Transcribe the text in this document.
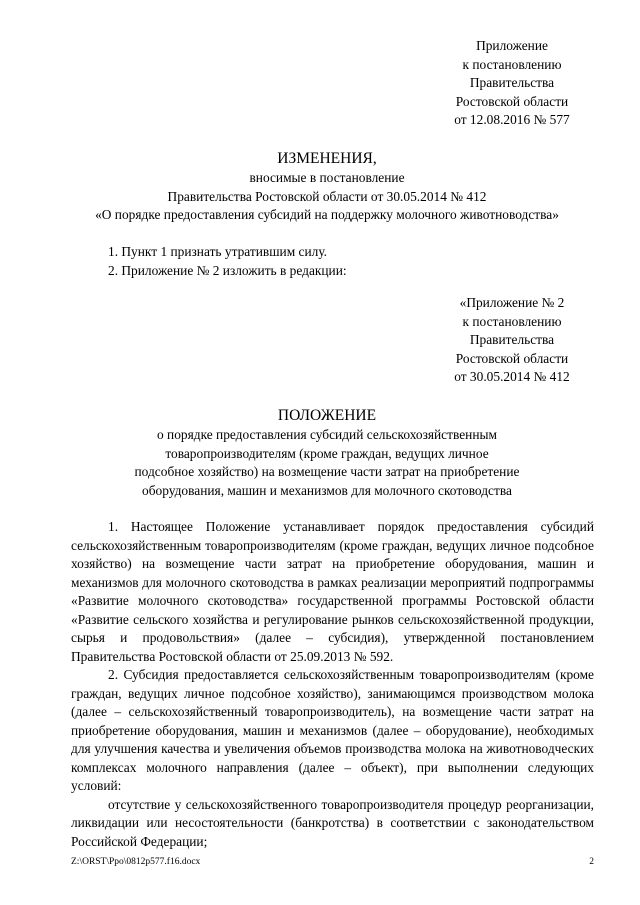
Приложение
к постановлению
Правительства
Ростовской области
от 12.08.2016 № 577
ИЗМЕНЕНИЯ,
вносимые в постановление
Правительства Ростовской области от 30.05.2014 № 412
«О порядке предоставления субсидий на поддержку молочного животноводства»
1. Пункт 1 признать утратившим силу.
2. Приложение № 2 изложить в редакции:
«Приложение № 2
к постановлению
Правительства
Ростовской области
от 30.05.2014 № 412
ПОЛОЖЕНИЕ
о порядке предоставления субсидий сельскохозяйственным
товаропроизводителям (кроме граждан, ведущих личное
подсобное хозяйство) на возмещение части затрат на приобретение
оборудования, машин и механизмов для молочного скотоводства

1. Настоящее Положение устанавливает порядок предоставления субсидий сельскохозяйственным товаропроизводителям (кроме граждан, ведущих личное подсобное хозяйство) на возмещение части затрат на приобретение оборудования, машин и механизмов для молочного скотоводства в рамках реализации мероприятий подпрограммы «Развитие молочного скотоводства» государственной программы Ростовской области «Развитие сельского хозяйства и регулирование рынков сельскохозяйственной продукции, сырья и продовольствия» (далее – субсидия), утвержденной постановлением Правительства Ростовской области от 25.09.2013 № 592.

2. Субсидия предоставляется сельскохозяйственным товаропроизводителям (кроме граждан, ведущих личное подсобное хозяйство), занимающимся производством молока (далее – сельскохозяйственный товаропроизводитель), на возмещение части затрат на приобретение оборудования, машин и механизмов (далее – оборудование), необходимых для улучшения качества и увеличения объемов производства молока на животноводческих комплексах молочного направления (далее – объект), при выполнении следующих условий:

отсутствие у сельскохозяйственного товаропроизводителя процедур реорганизации, ликвидации или несостоятельности (банкротства) в соответствии с законодательством Российской Федерации;

Z:\ORST\Ppo\0812p577.f16.docx	2
